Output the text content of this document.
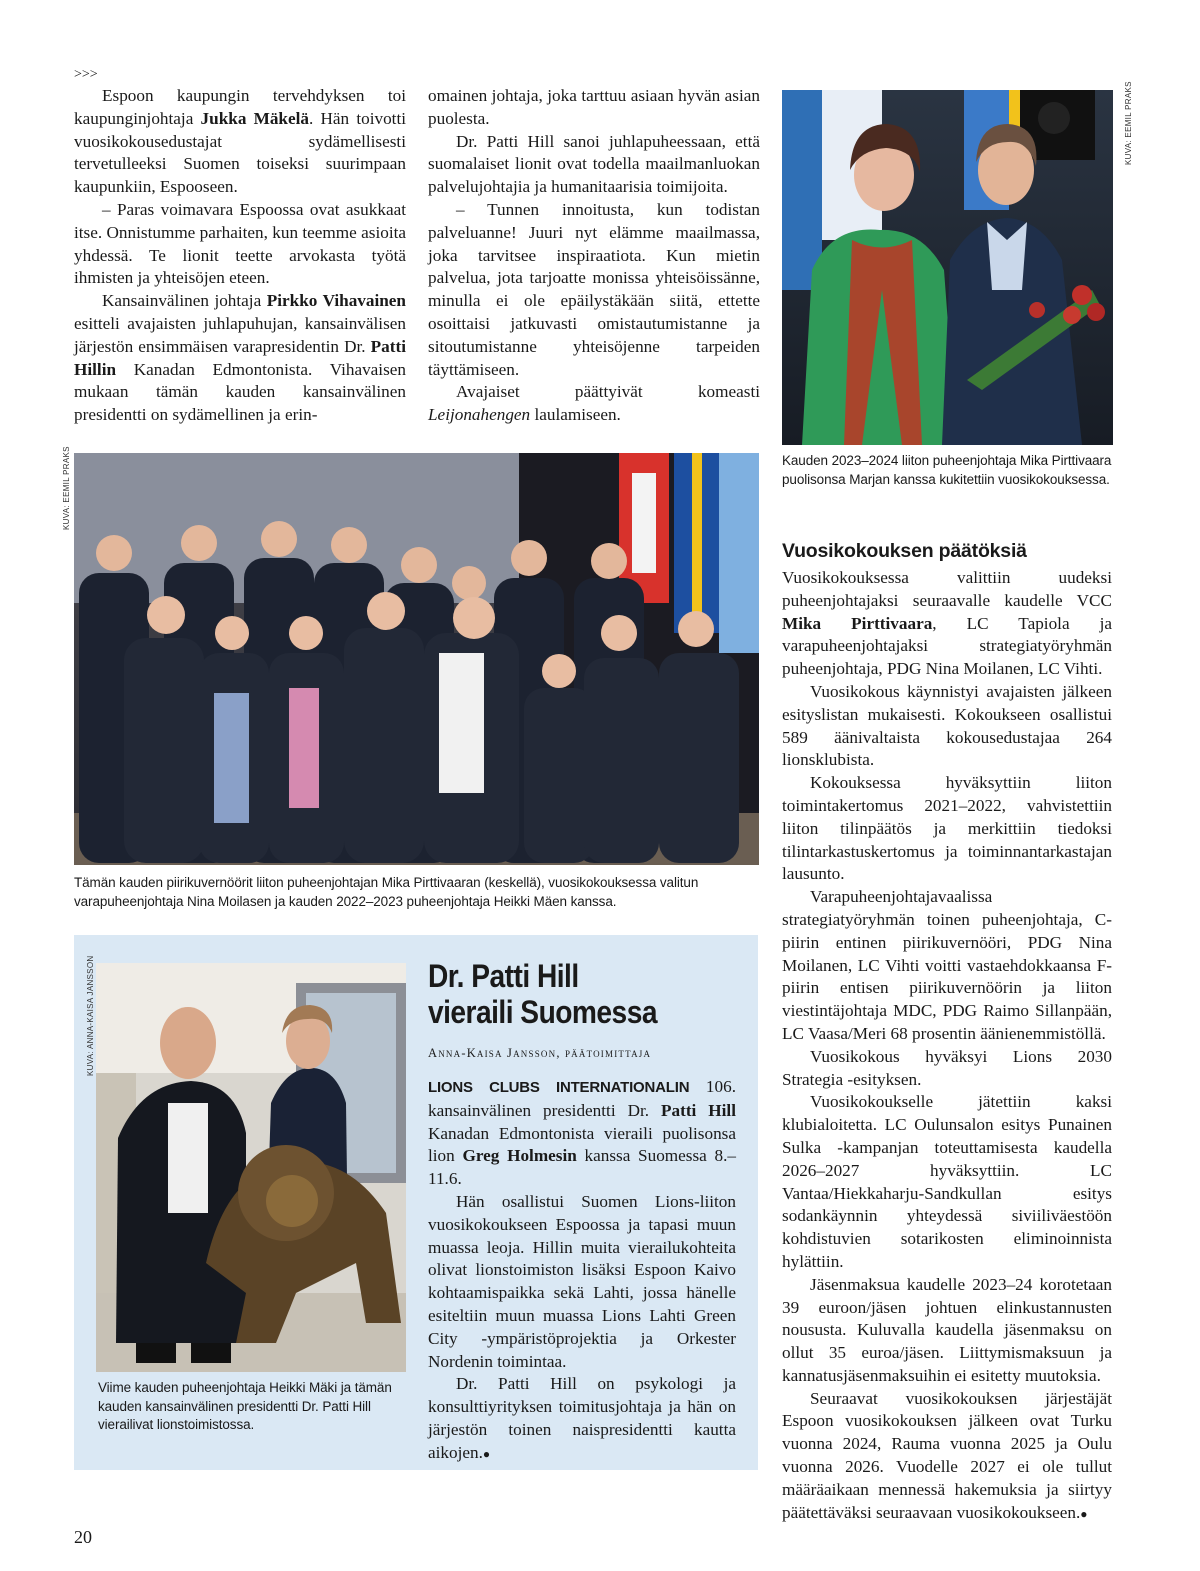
>>>

Espoon kaupungin tervehdyksen toi kaupunginjohtaja Jukka Mäkelä. Hän toivotti vuosikokousedustajat sydämellisesti tervetulleeksi Suomen toiseksi suurimpaan kaupunkiin, Espooseen.

– Paras voimavara Espoossa ovat asukkaat itse. Onnistumme parhaiten, kun teemme asioita yhdessä. Te lionit teette arvokasta työtä ihmisten ja yhteisöjen eteen.

Kansainvälinen johtaja Pirkko Vihavainen esitteli avajaisten juhlapuhujan, kansainvälisen järjestön ensimmäisen varapresidentin Dr. Patti Hillin Kanadan Edmontonista. Vihavaisen mukaan tämän kauden kansainvälinen presidentti on sydämellinen ja erin-

omainen johtaja, joka tarttuu asiaan hyvän asian puolesta.

Dr. Patti Hill sanoi juhlapuheessaan, että suomalaiset lionit ovat todella maailmanluokan palvelujohtajia ja humanitaarisia toimijoita.

– Tunnen innoitusta, kun todistan palveluanne! Juuri nyt elämme maailmassa, joka tarvitsee inspiraatiota. Kun mietin palvelua, jota tarjoatte monissa yhteisöissänne, minulla ei ole epäilystäkään siitä, ettette osoittaisi jatkuvasti omistautumistanne ja sitoutumistanne yhteisöjenne tarpeiden täyttämiseen.

Avajaiset päättyivät komeasti Leijonahengen laulamiseen.

KUVA: EEMIL PRAKS
Kauden 2023–2024 liiton puheenjohtaja Mika Pirttivaara puolisonsa Marjan kanssa kukitettiin vuosikokouksessa.
KUVA: EEMIL PRAKS
Tämän kauden piirikuvernöörit liiton puheenjohtajan Mika Pirttivaaran (keskellä), vuosikokouksessa valitun varapuheenjohtaja Nina Moilasen ja kauden 2022–2023 puheenjohtaja Heikki Mäen kanssa.
KUVA: ANNA-KAISA JANSSON
Viime kauden puheenjohtaja Heikki Mäki ja tämän kauden kansainvälinen presidentti Dr. Patti Hill vierailivat lionstoimistossa.
Dr. Patti Hill
vieraili Suomessa
Anna-Kaisa Jansson, päätoimittaja

LIONS CLUBS INTERNATIONALIN 106. kansainvälinen presidentti Dr. Patti Hill Kanadan Edmontonista vieraili puolisonsa lion Greg Holmesin kanssa Suomessa 8.–11.6.

Hän osallistui Suomen Lions-liiton vuosikokoukseen Espoossa ja tapasi muun muassa leoja. Hillin muita vierailukohteita olivat lionstoimiston lisäksi Espoon Kaivo kohtaamispaikka sekä Lahti, jossa hänelle esiteltiin muun muassa Lions Lahti Green City -ympäristöprojektia ja Orkester Nordenin toimintaa.

Dr. Patti Hill on psykologi ja konsulttiyrityksen toimitusjohtaja ja hän on järjestön toinen naispresidentti kautta aikojen.●

Vuosikokouksen päätöksiä

Vuosikokouksessa valittiin uudeksi puheenjohtajaksi seuraavalle kaudelle VCC Mika Pirttivaara, LC Tapiola ja varapuheenjohtajaksi strategiatyöryhmän puheenjohtaja, PDG Nina Moilanen, LC Vihti.

Vuosikokous käynnistyi avajaisten jälkeen esityslistan mukaisesti. Kokoukseen osallistui 589 äänivaltaista kokousedustajaa 264 lionsklubista.

Kokouksessa hyväksyttiin liiton toimintakertomus 2021–2022, vahvistettiin liiton tilinpäätös ja merkittiin tiedoksi tilintarkastuskertomus ja toiminnantarkastajan lausunto.

Varapuheenjohtajavaalissa strategiatyöryhmän toinen puheenjohtaja, C-piirin entinen piirikuvernööri, PDG Nina Moilanen, LC Vihti voitti vastaehdokkaansa F-piirin entisen piirikuvernöörin ja liiton viestintäjohtaja MDC, PDG Raimo Sillanpään, LC Vaasa/Meri 68 prosentin äänienemmistöllä.

Vuosikokous hyväksyi Lions 2030 Strategia -esityksen.

Vuosikokoukselle jätettiin kaksi klubialoitetta. LC Oulunsalon esitys Punainen Sulka -kampanjan toteuttamisesta kaudella 2026–2027 hyväksyttiin. LC Vantaa/Hiekkaharju-Sandkullan esitys sodankäynnin yhteydessä siviiliväestöön kohdistuvien sotarikosten eliminoinnista hylättiin.

Jäsenmaksua kaudelle 2023–24 korotetaan 39 euroon/jäsen johtuen elinkustannusten noususta. Kuluvalla kaudella jäsenmaksu on ollut 35 euroa/jäsen. Liittymismaksuun ja kannatusjäsenmaksuihin ei esitetty muutoksia.

Seuraavat vuosikokouksen järjestäjät Espoon vuosikokouksen jälkeen ovat Turku vuonna 2024, Rauma vuonna 2025 ja Oulu vuonna 2026. Vuodelle 2027 ei ole tullut määräaikaan mennessä hakemuksia ja siirtyy päätettäväksi seuraavaan vuosikokoukseen.●

20
